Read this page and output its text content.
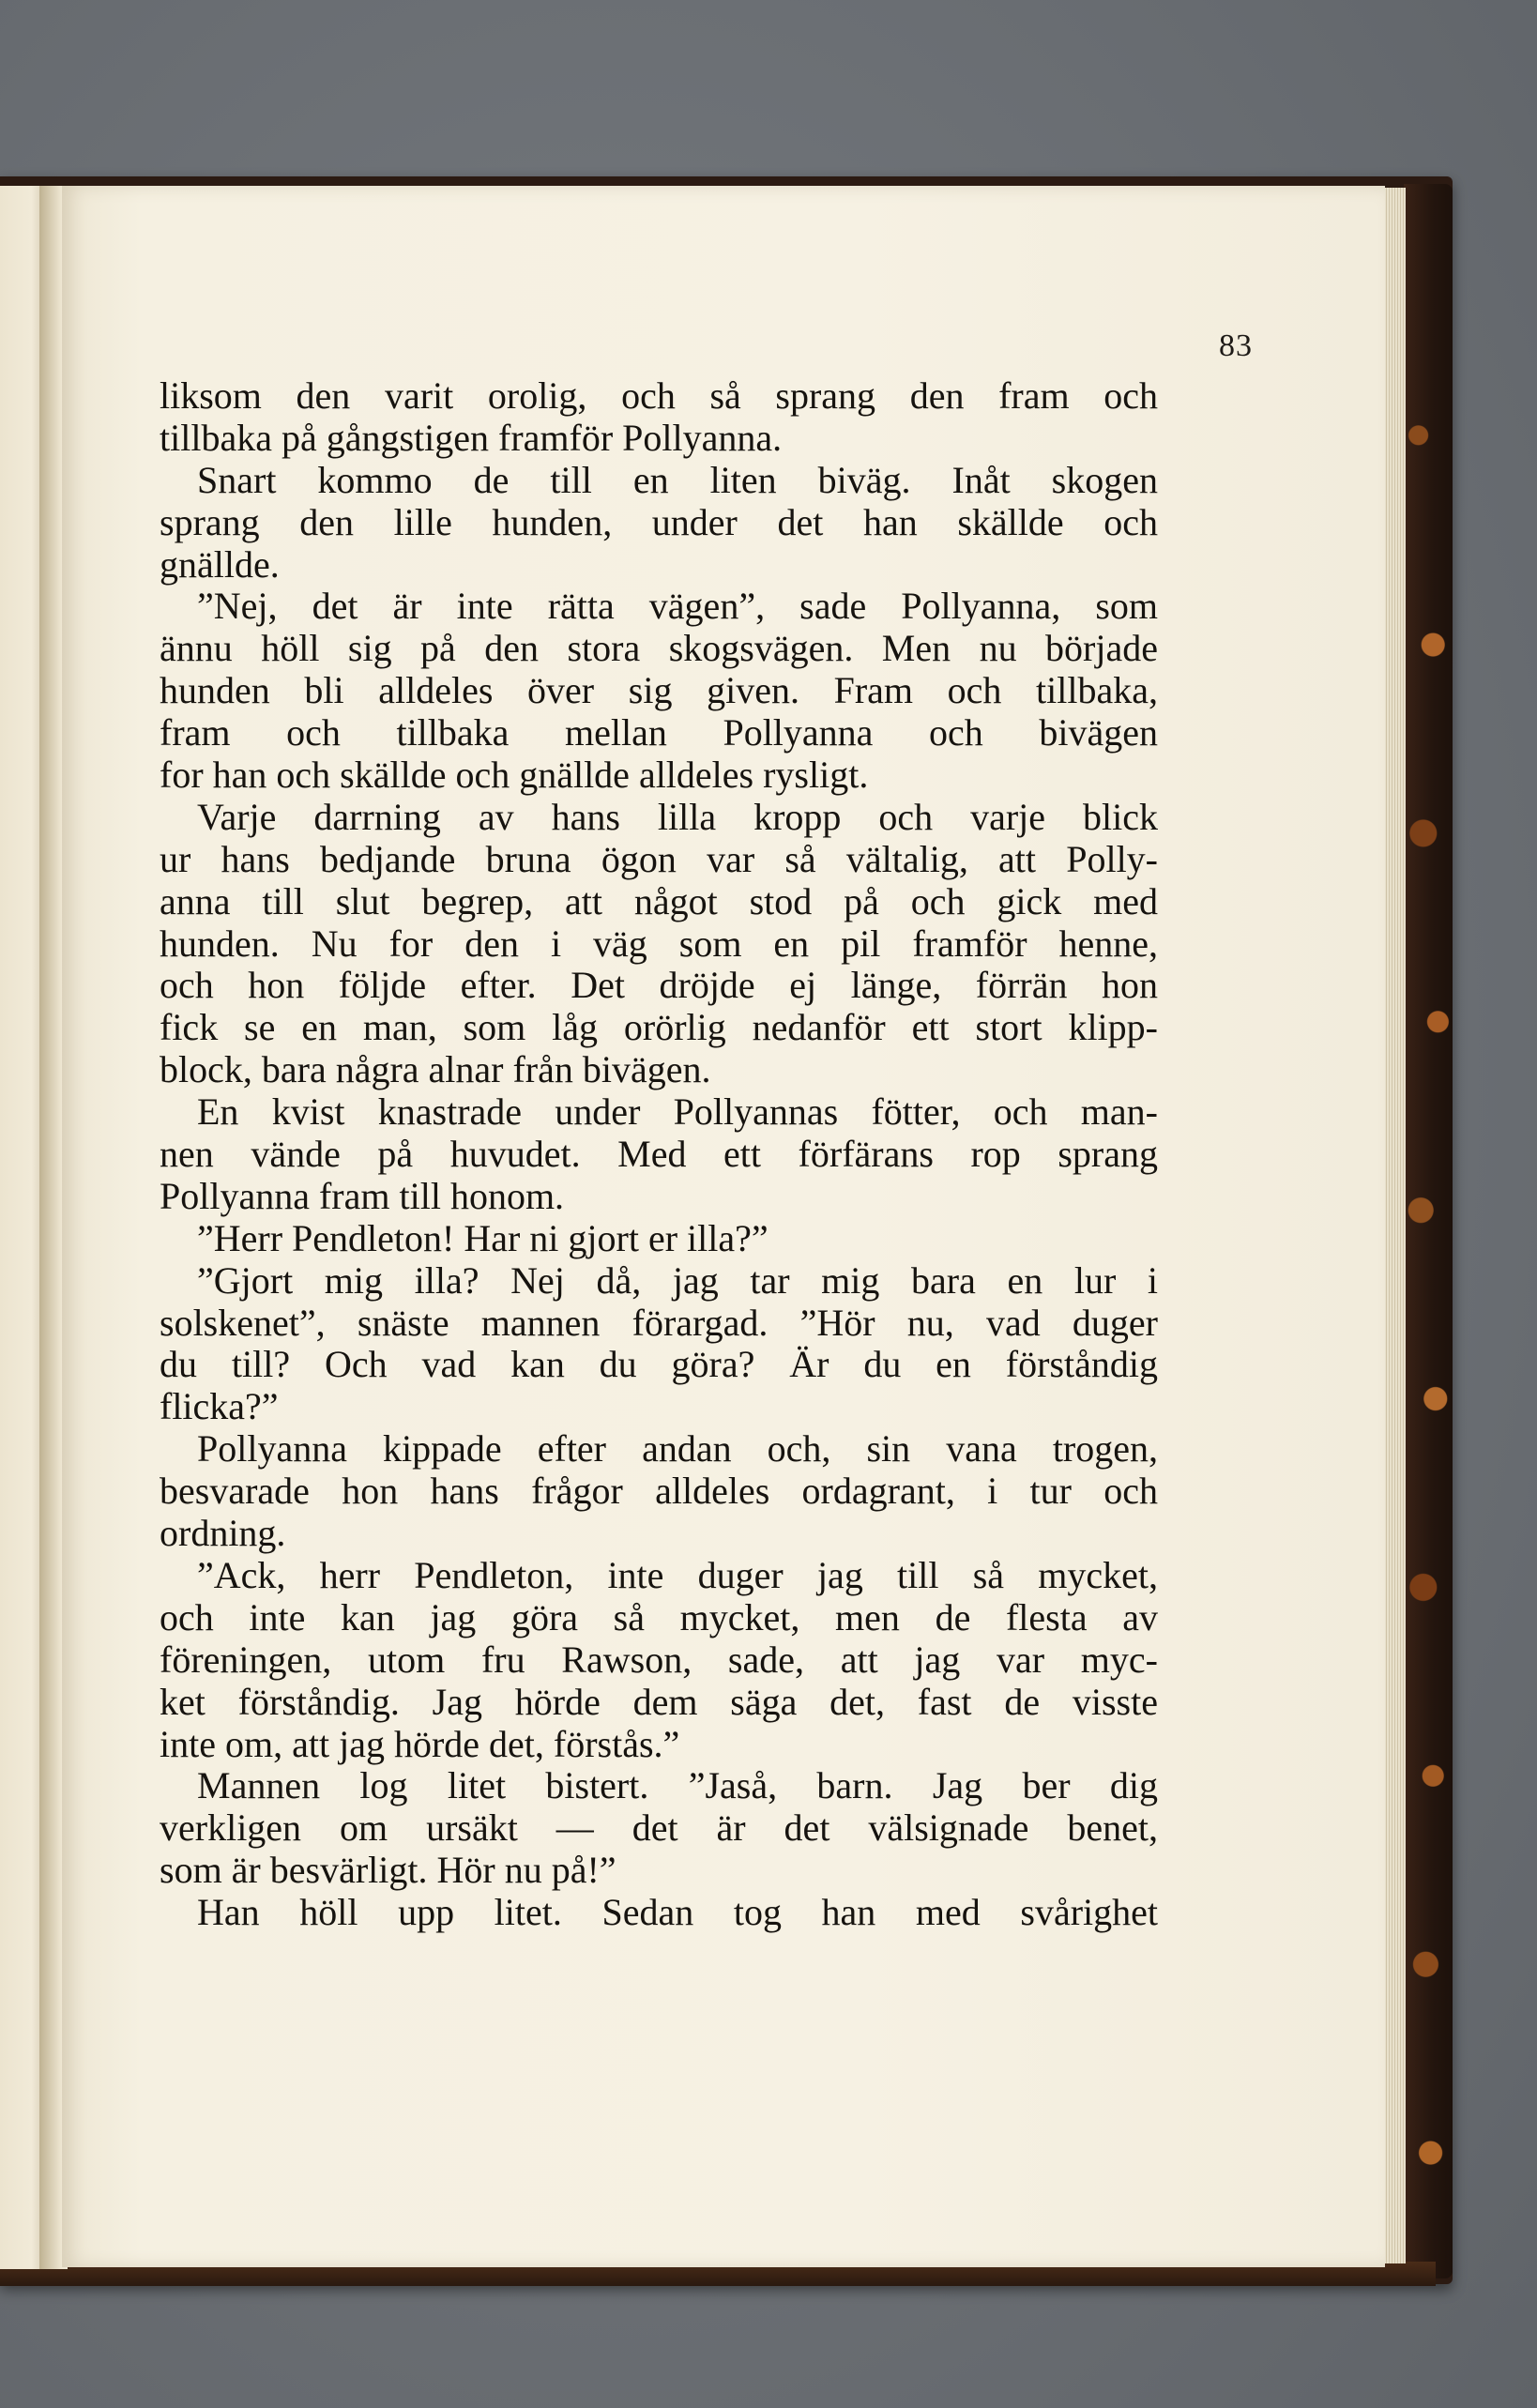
83
liksom den varit orolig, och så sprang den fram och
tillbaka på gångstigen framför Pollyanna.
Snart kommo de till en liten biväg. Inåt skogen
sprang den lille hunden, under det han skällde och
gnällde.
”Nej, det är inte rätta vägen”, sade Pollyanna, som
ännu höll sig på den stora skogsvägen. Men nu började
hunden bli alldeles över sig given. Fram och tillbaka,
fram och tillbaka mellan Pollyanna och bivägen
for han och skällde och gnällde alldeles rysligt.
Varje darrning av hans lilla kropp och varje blick
ur hans bedjande bruna ögon var så vältalig, att Polly-
anna till slut begrep, att något stod på och gick med
hunden. Nu for den i väg som en pil framför henne,
och hon följde efter. Det dröjde ej länge, förrän hon
fick se en man, som låg orörlig nedanför ett stort klipp-
block, bara några alnar från bivägen.
En kvist knastrade under Pollyannas fötter, och man-
nen vände på huvudet. Med ett förfärans rop sprang
Pollyanna fram till honom.
”Herr Pendleton! Har ni gjort er illa?”
”Gjort mig illa? Nej då, jag tar mig bara en lur i
solskenet”, snäste mannen förargad. ”Hör nu, vad duger
du till? Och vad kan du göra? Är du en förståndig
flicka?”
Pollyanna kippade efter andan och, sin vana trogen,
besvarade hon hans frågor alldeles ordagrant, i tur och
ordning.
”Ack, herr Pendleton, inte duger jag till så mycket,
och inte kan jag göra så mycket, men de flesta av
föreningen, utom fru Rawson, sade, att jag var myc-
ket förståndig. Jag hörde dem säga det, fast de visste
inte om, att jag hörde det, förstås.”
Mannen log litet bistert. ”Jaså, barn. Jag ber dig
verkligen om ursäkt — det är det välsignade benet,
som är besvärligt. Hör nu på!”
Han höll upp litet. Sedan tog han med svårighet
